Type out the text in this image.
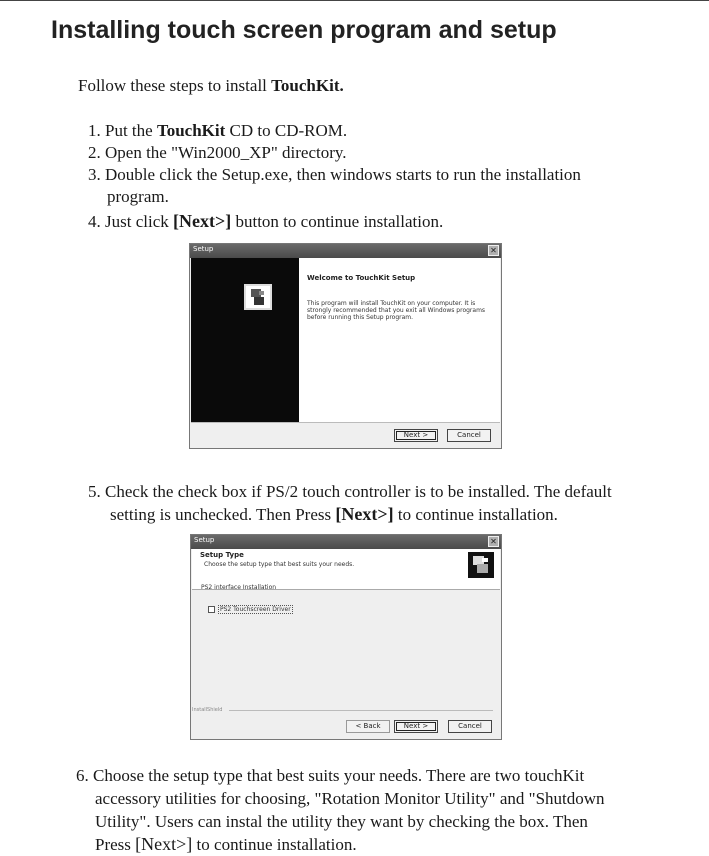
Installing touch screen program and setup
Follow these steps to install TouchKit.
1. Put the TouchKit CD to CD-ROM.
2. Open the "Win2000_XP" directory.
3. Double click the Setup.exe, then windows starts to run the installation
program.
4. Just click [Next>] button to continue installation.
Setup	✕
Welcome to TouchKit Setup
This program will install TouchKit on your computer. It is strongly recommended that you exit all Windows programs before running this Setup program.
Next >	Cancel
5. Check the check box if PS/2 touch controller is to be installed. The default
setting is unchecked. Then Press [Next>] to continue installation.
Setup	✕
Setup Type
Choose the setup type that best suits your needs.
PS2 interface Installation
PS2 Touchscreen Driver
InstallShield
< Back	Next >	Cancel
6. Choose the setup type that best suits your needs. There are two touchKit
accessory utilities for choosing, "Rotation Monitor Utility" and "Shutdown
Utility". Users can instal the utility they want by checking the box. Then
Press [Next>] to continue installation.
